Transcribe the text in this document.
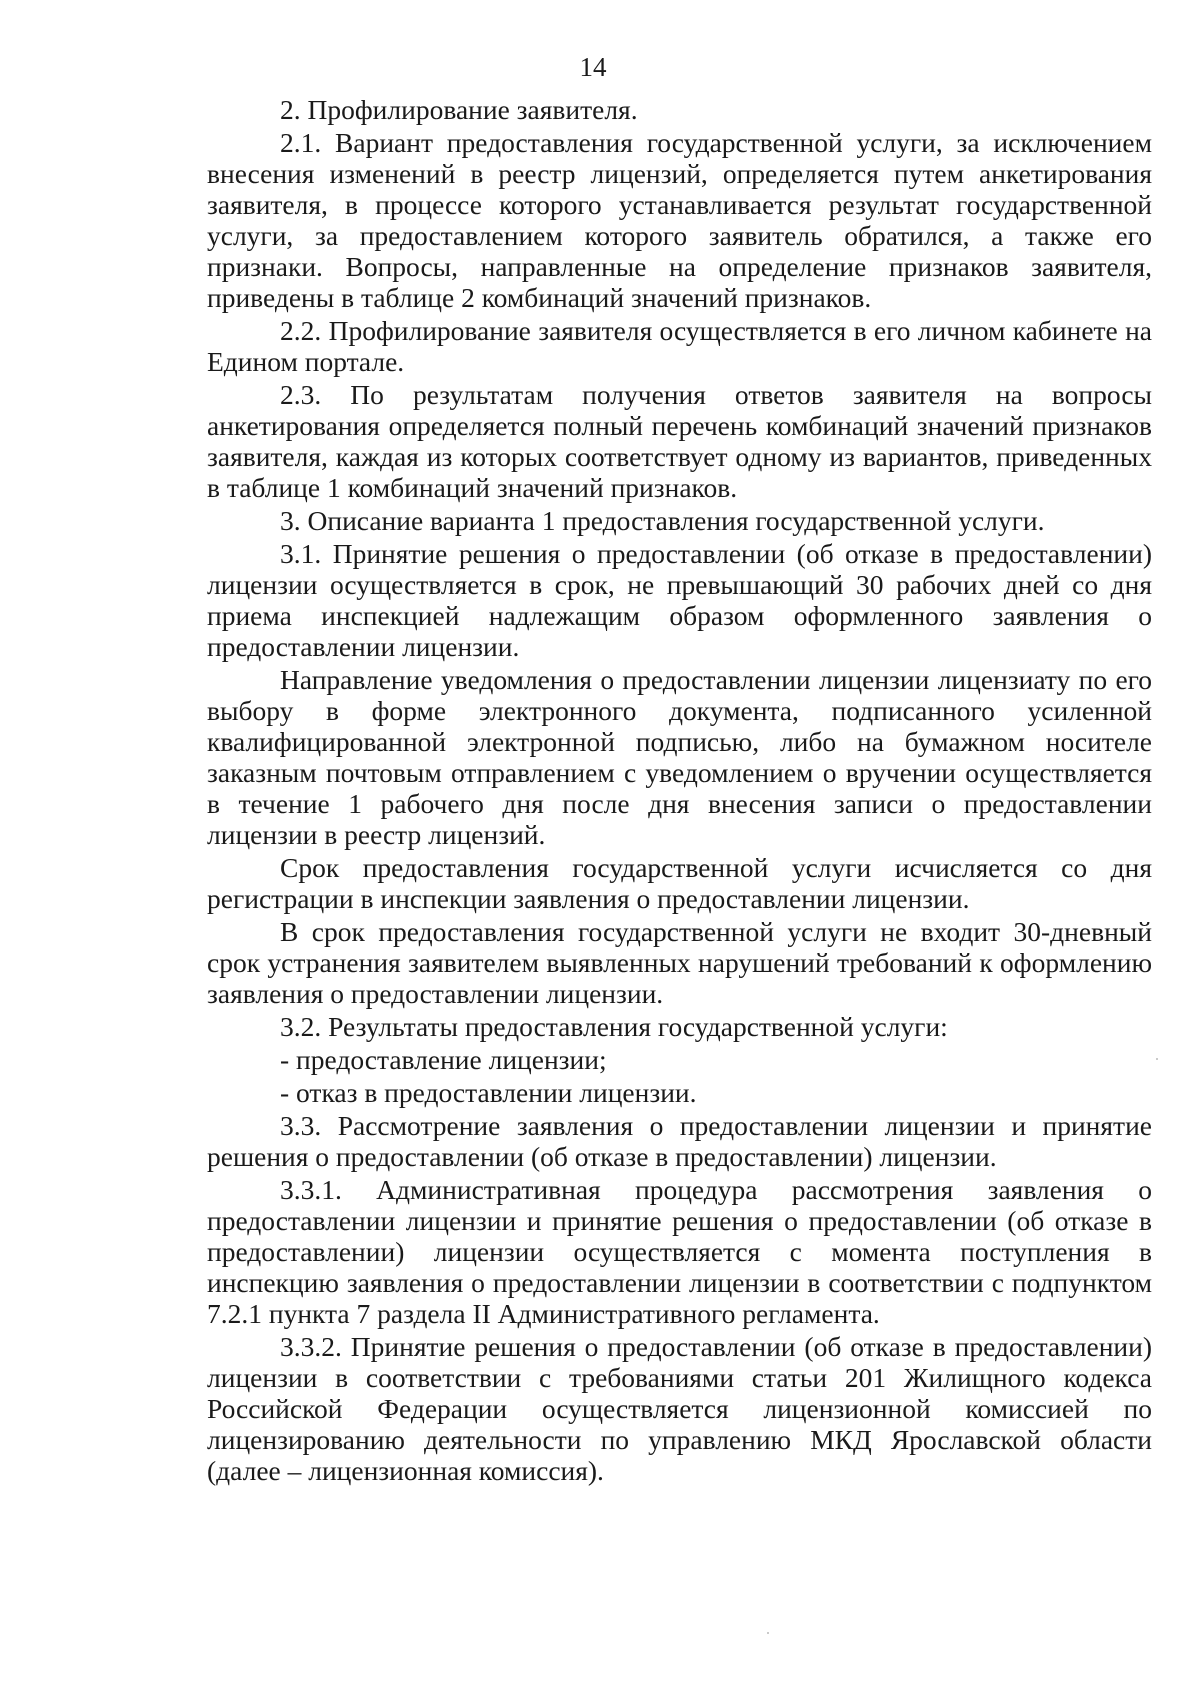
14

2. Профилирование заявителя.

2.1. Вариант предоставления государственной услуги, за исключением внесения изменений в реестр лицензий, определяется путем анкетирования заявителя, в процессе которого устанавливается результат государственной услуги, за предоставлением которого заявитель обратился, а также его признаки. Вопросы, направленные на определение признаков заявителя, приведены в таблице 2 комбинаций значений признаков.

2.2. Профилирование заявителя осуществляется в его личном кабинете на Едином портале.

2.3. По результатам получения ответов заявителя на вопросы анкетирования определяется полный перечень комбинаций значений признаков заявителя, каждая из которых соответствует одному из вариантов, приведенных в таблице 1 комбинаций значений признаков.

3. Описание варианта 1 предоставления государственной услуги.

3.1. Принятие решения о предоставлении (об отказе в предоставлении) лицензии осуществляется в срок, не превышающий 30 рабочих дней со дня приема инспекцией надлежащим образом оформленного заявления о предоставлении лицензии.

Направление уведомления о предоставлении лицензии лицензиату по его выбору в форме электронного документа, подписанного усиленной квалифицированной электронной подписью, либо на бумажном носителе заказным почтовым отправлением с уведомлением о вручении осуществляется в течение 1 рабочего дня после дня внесения записи о предоставлении лицензии в реестр лицензий.

Срок предоставления государственной услуги исчисляется со дня регистрации в инспекции заявления о предоставлении лицензии.

В срок предоставления государственной услуги не входит 30-дневный срок устранения заявителем выявленных нарушений требований к оформлению заявления о предоставлении лицензии.

3.2. Результаты предоставления государственной услуги:

- предоставление лицензии;

- отказ в предоставлении лицензии.

3.3. Рассмотрение заявления о предоставлении лицензии и принятие решения о предоставлении (об отказе в предоставлении) лицензии.

3.3.1. Административная процедура рассмотрения заявления о предоставлении лицензии и принятие решения о предоставлении (об отказе в предоставлении) лицензии осуществляется с момента поступления в инспекцию заявления о предоставлении лицензии в соответствии с подпунктом 7.2.1 пункта 7 раздела II Административного регламента.

3.3.2. Принятие решения о предоставлении (об отказе в предоставлении) лицензии в соответствии с требованиями статьи 201 Жилищного кодекса Российской Федерации осуществляется лицензионной комиссией по лицензированию деятельности по управлению МКД Ярославской области (далее – лицензионная комиссия).
